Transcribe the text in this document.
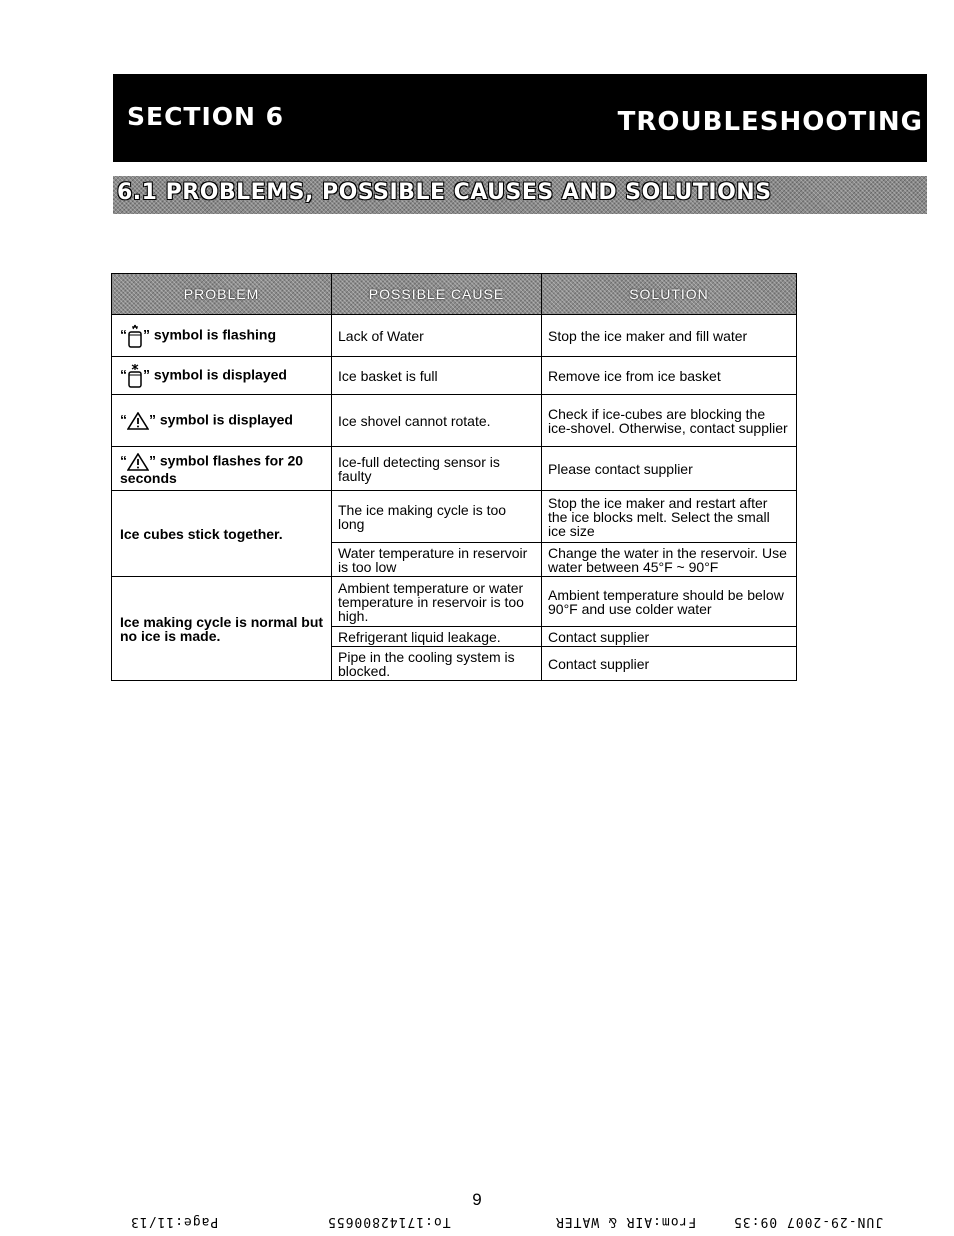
SECTION 6	TROUBLESHOOTING
6.1 PROBLEMS, POSSIBLE CAUSES AND SOLUTIONS
PROBLEM	POSSIBLE CAUSE	SOLUTION
“ ” symbol is flashing	Lack of Water	Stop the ice maker and fill water
“ ” symbol is displayed	Ice basket is full	Remove ice from ice basket
“ ” symbol is displayed	Ice shovel cannot rotate.	Check if ice-cubes are blocking the ice-shovel. Otherwise, contact supplier
“ ” symbol flashes for 20 seconds	Ice-full detecting sensor is faulty	Please contact supplier
Ice cubes stick together.	The ice making cycle is too long	Stop the ice maker and restart after the ice blocks melt. Select the small ice size
	Water temperature in reservoir is too low	Change the water in the reservoir. Use water between 45°F ~ 90°F
Ice making cycle is normal but no ice is made.	Ambient temperature or water temperature in reservoir is too high.	Ambient temperature should be below 90°F and use colder water
	Refrigerant liquid leakage.	Contact supplier
	Pipe in the cooling system is blocked.	Contact supplier
9
Page:11/13	To:17142800655	From:AIR & WATER	JUN-29-2007 09:35
